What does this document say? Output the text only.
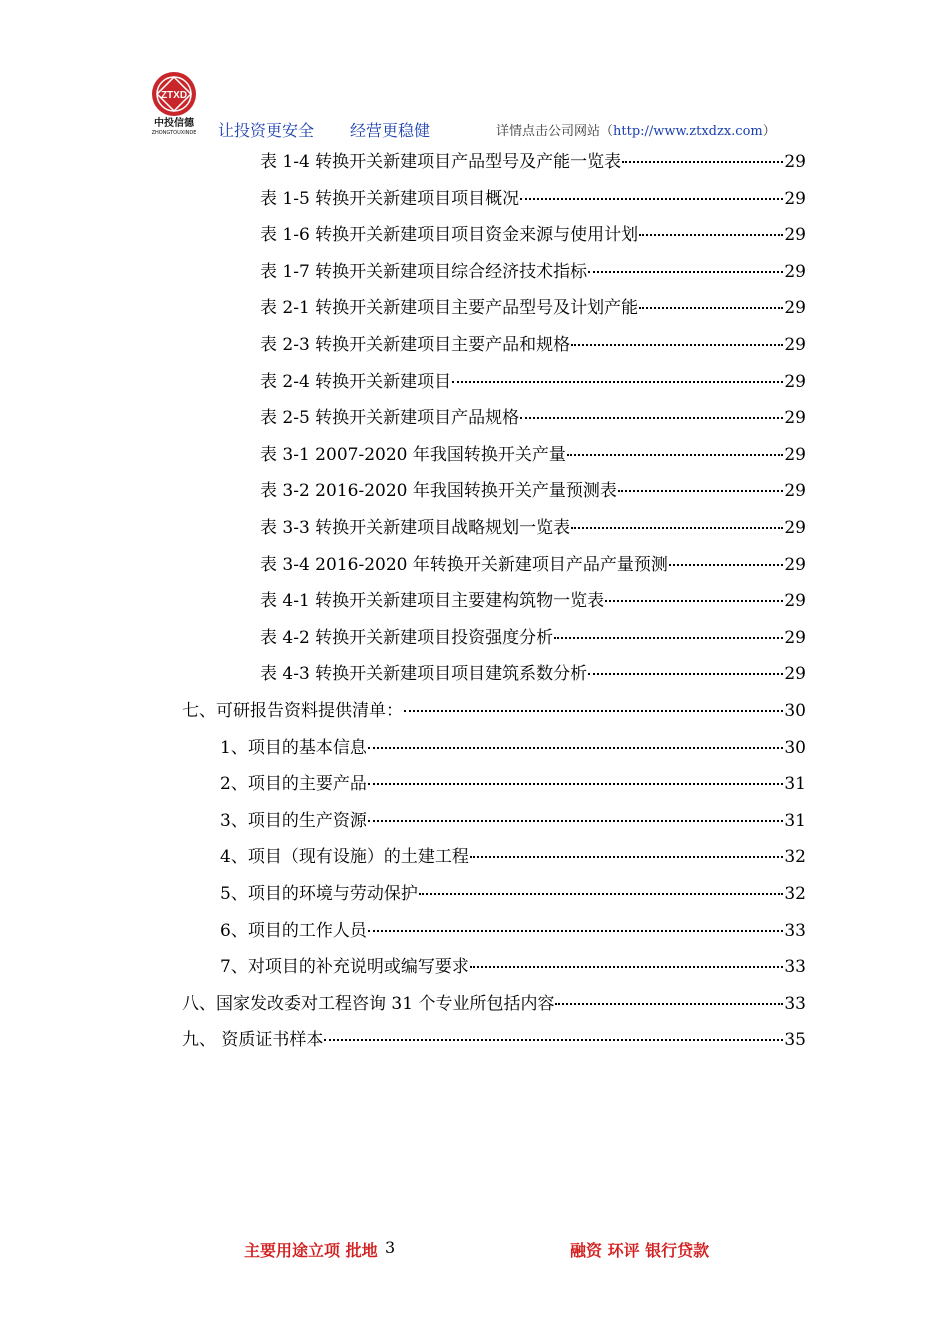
ZTXD
中投信德
ZHONGTOUXINDE 让投资更安全 经营更稳健	详情点击公司网站（http://www.ztxdzx.com）
表 1-4 转换开关新建项目产品型号及产能一览表	29
表 1-5 转换开关新建项目项目概况	29
表 1-6 转换开关新建项目项目资金来源与使用计划	29
表 1-7 转换开关新建项目综合经济技术指标	29
表 2-1 转换开关新建项目主要产品型号及计划产能	29
表 2-3 转换开关新建项目主要产品和规格	29
表 2-4 转换开关新建项目	29
表 2-5 转换开关新建项目产品规格	29
表 3-1 2007-2020 年我国转换开关产量	29
表 3-2 2016-2020 年我国转换开关产量预测表	29
表 3-3 转换开关新建项目战略规划一览表	29
表 3-4 2016-2020 年转换开关新建项目产品产量预测	29
表 4-1 转换开关新建项目主要建构筑物一览表	29
表 4-2 转换开关新建项目投资强度分析	29
表 4-3 转换开关新建项目项目建筑系数分析	29
七、可研报告资料提供清单：	30
1、项目的基本信息	30
2、项目的主要产品	31
3、项目的生产资源	31
4、项目（现有设施）的土建工程	32
5、项目的环境与劳动保护	32
6、项目的工作人员	33
7、对项目的补充说明或编写要求	33
八、国家发改委对工程咨询 31 个专业所包括内容	33
九、 资质证书样本	35
主要用途立项 批地 3	融资 环评 银行贷款
